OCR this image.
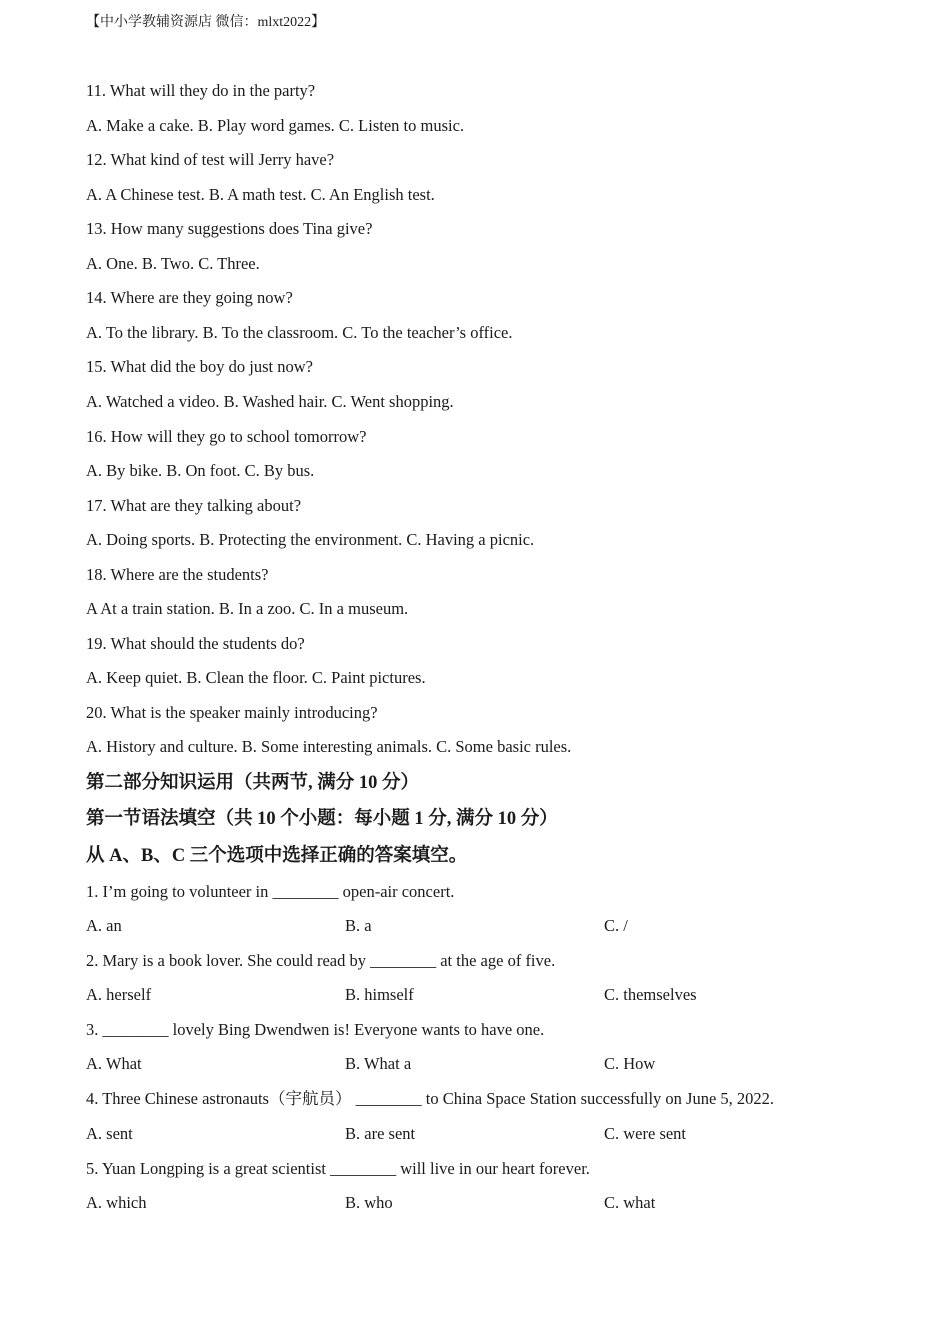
【中小学教辅资源店 微信：mlxt2022】
11. What will they do in the party?
A. Make a cake. B. Play word games. C. Listen to music.
12. What kind of test will Jerry have?
A. A Chinese test. B. A math test. C. An English test.
13. How many suggestions does Tina give?
A. One. B. Two. C. Three.
14. Where are they going now?
A. To the library. B. To the classroom. C. To the teacher’s office.
15. What did the boy do just now?
A. Watched a video. B. Washed hair. C. Went shopping.
16. How will they go to school tomorrow?
A. By bike. B. On foot. C. By bus.
17. What are they talking about?
A. Doing sports. B. Protecting the environment. C. Having a picnic.
18. Where are the students?
A At a train station. B. In a zoo. C. In a museum.
19. What should the students do?
A. Keep quiet. B. Clean the floor. C. Paint pictures.
20. What is the speaker mainly introducing?
A. History and culture. B. Some interesting animals. C. Some basic rules.
第二部分知识运用（共两节, 满分 10 分）
第一节语法填空（共 10 个小题：每小题 1 分, 满分 10 分）
从 A、B、C 三个选项中选择正确的答案填空。
1. I’m going to volunteer in ________ open-air concert.
A. an	B. a	C. /
2. Mary is a book lover. She could read by ________ at the age of five.
A. herself	B. himself	C. themselves
3. ________ lovely Bing Dwendwen is! Everyone wants to have one.
A. What	B. What a	C. How
4. Three Chinese astronauts（宇航员） ________ to China Space Station successfully on June 5, 2022.
A. sent	B. are sent	C. were sent
5. Yuan Longping is a great scientist ________ will live in our heart forever.
A. which	B. who	C. what
